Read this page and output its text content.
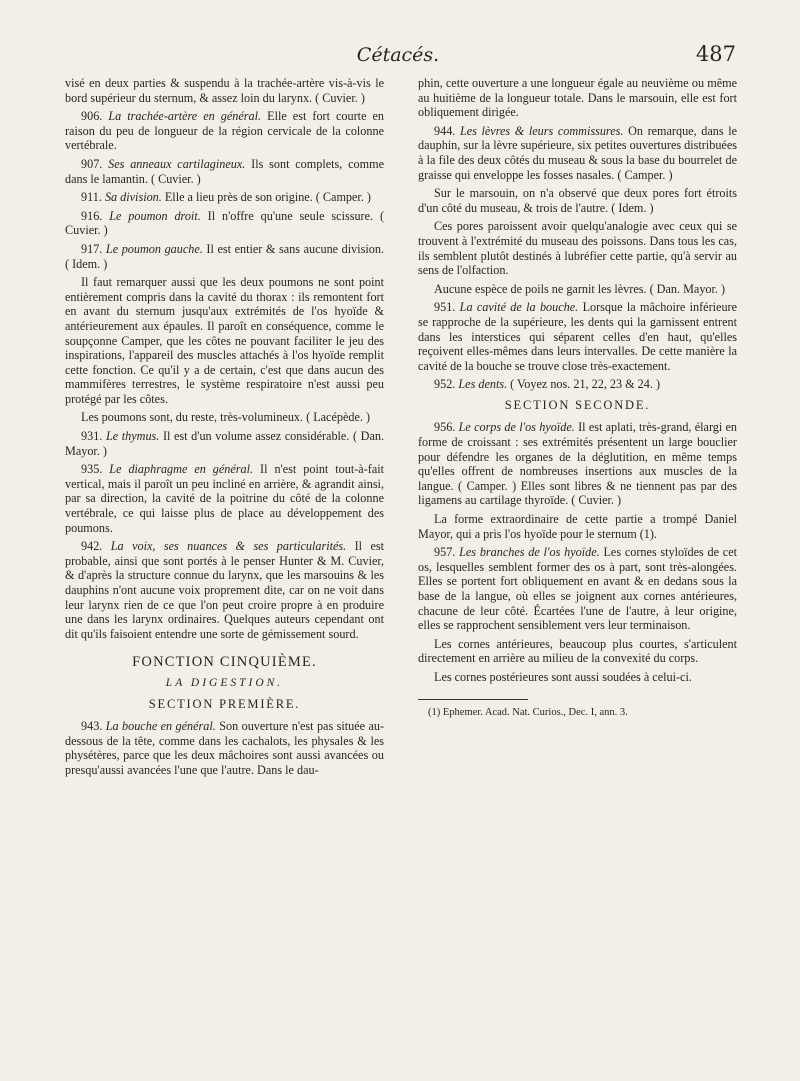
Cétacés.	487

visé en deux parties & suspendu à la trachée-artère vis-à-vis le bord supérieur du sternum, & assez loin du larynx. ( Cuvier. )

906. La trachée-artère en général. Elle est fort courte en raison du peu de longueur de la région cervicale de la colonne vertébrale.

907. Ses anneaux cartilagineux. Ils sont complets, comme dans le lamantin. ( Cuvier. )

911. Sa division. Elle a lieu près de son origine. ( Camper. )

916. Le poumon droit. Il n'offre qu'une seule scissure. ( Cuvier. )

917. Le poumon gauche. Il est entier & sans aucune division. ( Idem. )

Il faut remarquer aussi que les deux poumons ne sont point entièrement compris dans la cavité du thorax : ils remontent fort en avant du sternum jusqu'aux extrémités de l'os hyoïde & antérieurement aux épaules. Il paroît en conséquence, comme le soupçonne Camper, que les côtes ne pouvant faciliter le jeu des inspirations, l'appareil des muscles attachés à l'os hyoïde remplit cette fonction. Ce qu'il y a de certain, c'est que dans aucun des mammifères terrestres, le système respiratoire n'est aussi peu protégé par les côtes.

Les poumons sont, du reste, très-volumineux. ( Lacépède. )

931. Le thymus. Il est d'un volume assez considérable. ( Dan. Mayor. )

935. Le diaphragme en général. Il n'est point tout-à-fait vertical, mais il paroît un peu incliné en arrière, & agrandit ainsi, par sa direction, la cavité de la poitrine du côté de la colonne vertébrale, ce qui laisse plus de place au développement des poumons.

942. La voix, ses nuances & ses particularités. Il est probable, ainsi que sont portés à le penser Hunter & M. Cuvier, & d'après la structure connue du larynx, que les marsouins & les dauphins n'ont aucune voix proprement dite, car on ne voit dans leur larynx rien de ce que l'on peut croire propre à en produire une dans les larynx ordinaires. Quelques auteurs cependant ont dit qu'ils faisoient entendre une sorte de gémissement sourd.

FONCTION CINQUIÈME.
LA DIGESTION.
SECTION PREMIÈRE.

943. La bouche en général. Son ouverture n'est pas située au-dessous de la tête, comme dans les cachalots, les physales & les physétères, parce que les deux mâchoires sont aussi avancées ou presqu'aussi avancées l'une que l'autre. Dans le dau-

phin, cette ouverture a une longueur égale au neuvième ou même au huitième de la longueur totale. Dans le marsouin, elle est fort obliquement dirigée.

944. Les lèvres & leurs commissures. On remarque, dans le dauphin, sur la lèvre supérieure, six petites ouvertures distribuées à la file des deux côtés du museau & sous la base du bourrelet de graisse qui enveloppe les fosses nasales. ( Camper. )

Sur le marsouin, on n'a observé que deux pores fort étroits d'un côté du museau, & trois de l'autre. ( Idem. )

Ces pores paroissent avoir quelqu'analogie avec ceux qui se trouvent à l'extrémité du museau des poissons. Dans tous les cas, ils semblent plutôt destinés à lubréfier cette partie, qu'à servir au sens de l'olfaction.

Aucune espèce de poils ne garnit les lèvres. ( Dan. Mayor. )

951. La cavité de la bouche. Lorsque la mâchoire inférieure se rapproche de la supérieure, les dents qui la garnissent entrent dans les interstices qui séparent celles d'en haut, qu'elles reçoivent elles-mêmes dans leurs intervalles. De cette manière la cavité de la bouche se trouve close très-exactement.

952. Les dents. ( Voyez nos. 21, 22, 23 & 24. )

SECTION SECONDE.

956. Le corps de l'os hyoïde. Il est aplati, très-grand, élargi en forme de croissant : ses extrémités présentent un large bouclier pour défendre les organes de la déglutition, en même temps qu'elles offrent de nombreuses insertions aux muscles de la langue. ( Camper. ) Elles sont libres & ne tiennent pas par des ligamens au cartilage thyroïde. ( Cuvier. )

La forme extraordinaire de cette partie a trompé Daniel Mayor, qui a pris l'os hyoïde pour le sternum (1).

957. Les branches de l'os hyoïde. Les cornes styloïdes de cet os, lesquelles semblent former des os à part, sont très-alongées. Elles se portent fort obliquement en avant & en dedans sous la base de la langue, où elles se joignent aux cornes antérieures, chacune de leur côté. Écartées l'une de l'autre, à leur origine, elles se rapprochent sensiblement vers leur terminaison.

Les cornes antérieures, beaucoup plus courtes, s'articulent directement en arrière au milieu de la convexité du corps.

Les cornes postérieures sont aussi soudées à celui-ci.

(1) Ephemer. Acad. Nat. Curios., Dec. I, ann. 3.
